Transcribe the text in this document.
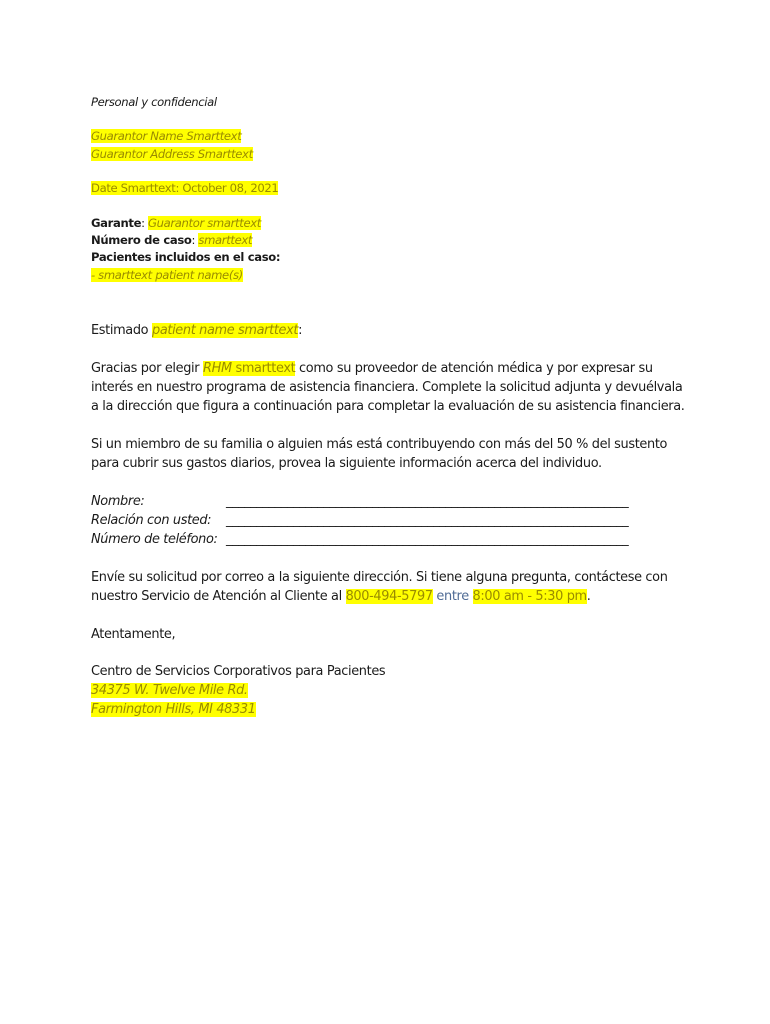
Personal y confidencial

Guarantor Name Smarttext

Guarantor Address Smarttext

Date Smarttext: October 08, 2021

Garante: Guarantor smarttext

Número de caso: smarttext

Pacientes incluidos en el caso:

- smarttext patient name(s)

Estimado patient name smarttext:

Gracias por elegir RHM smarttext como su proveedor de atención médica y por expresar su

interés en nuestro programa de asistencia financiera. Complete la solicitud adjunta y devuélvala

a la dirección que figura a continuación para completar la evaluación de su asistencia financiera.

Si un miembro de su familia o alguien más está contribuyendo con más del 50 % del sustento

para cubrir sus gastos diarios, provea la siguiente información acerca del individuo.

Nombre:	__________________________________________________________________
Relación con usted: __________________________________________________________________
Número de teléfono: __________________________________________________________________

Envíe su solicitud por correo a la siguiente dirección. Si tiene alguna pregunta, contáctese con

nuestro Servicio de Atención al Cliente al 800-494-5797 entre 8:00 am - 5:30 pm.

Atentamente,

Centro de Servicios Corporativos para Pacientes

34375 W. Twelve Mile Rd.

Farmington Hills, MI 48331
